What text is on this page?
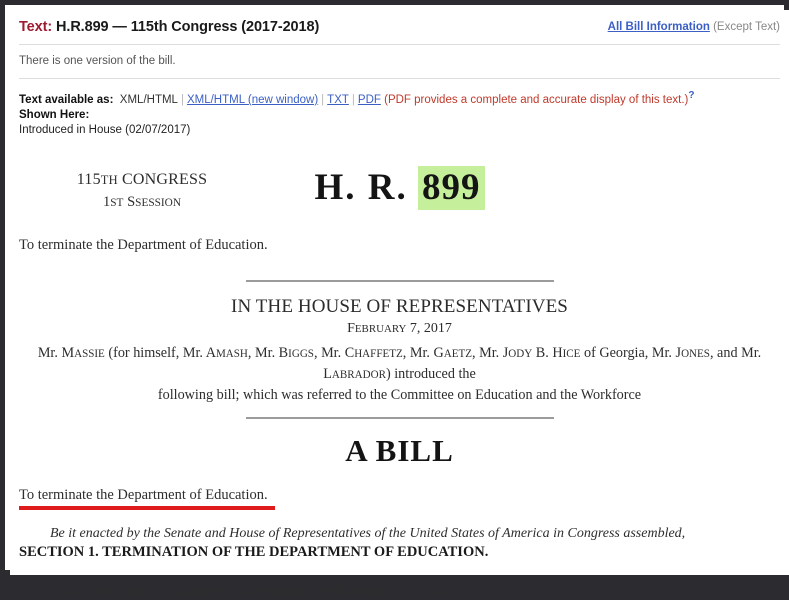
Text: H.R.899 — 115th Congress (2017-2018)	All Bill Information (Except Text)
There is one version of the bill.
Text available as: XML/HTML | XML/HTML (new window) | TXT | PDF (PDF provides a complete and accurate display of this text.)?
Shown Here:
Introduced in House (02/07/2017)
115TH CONGRESS
1ST SSESSION	H. R. 899
To terminate the Department of Education.
IN THE HOUSE OF REPRESENTATIVES
FEBRUARY 7, 2017
Mr. MASSIE (for himself, Mr. AMASH, Mr. BIGGS, Mr. CHAFFETZ, Mr. GAETZ, Mr. JODY B. HICE of Georgia, Mr. JONES, and Mr. LABRADOR) introduced the
following bill; which was referred to the Committee on Education and the Workforce
A BILL
To terminate the Department of Education.
Be it enacted by the Senate and House of Representatives of the United States of America in Congress assembled,
SECTION 1. TERMINATION OF THE DEPARTMENT OF EDUCATION.
The Department of Education shall terminate on December 31, 2018.
